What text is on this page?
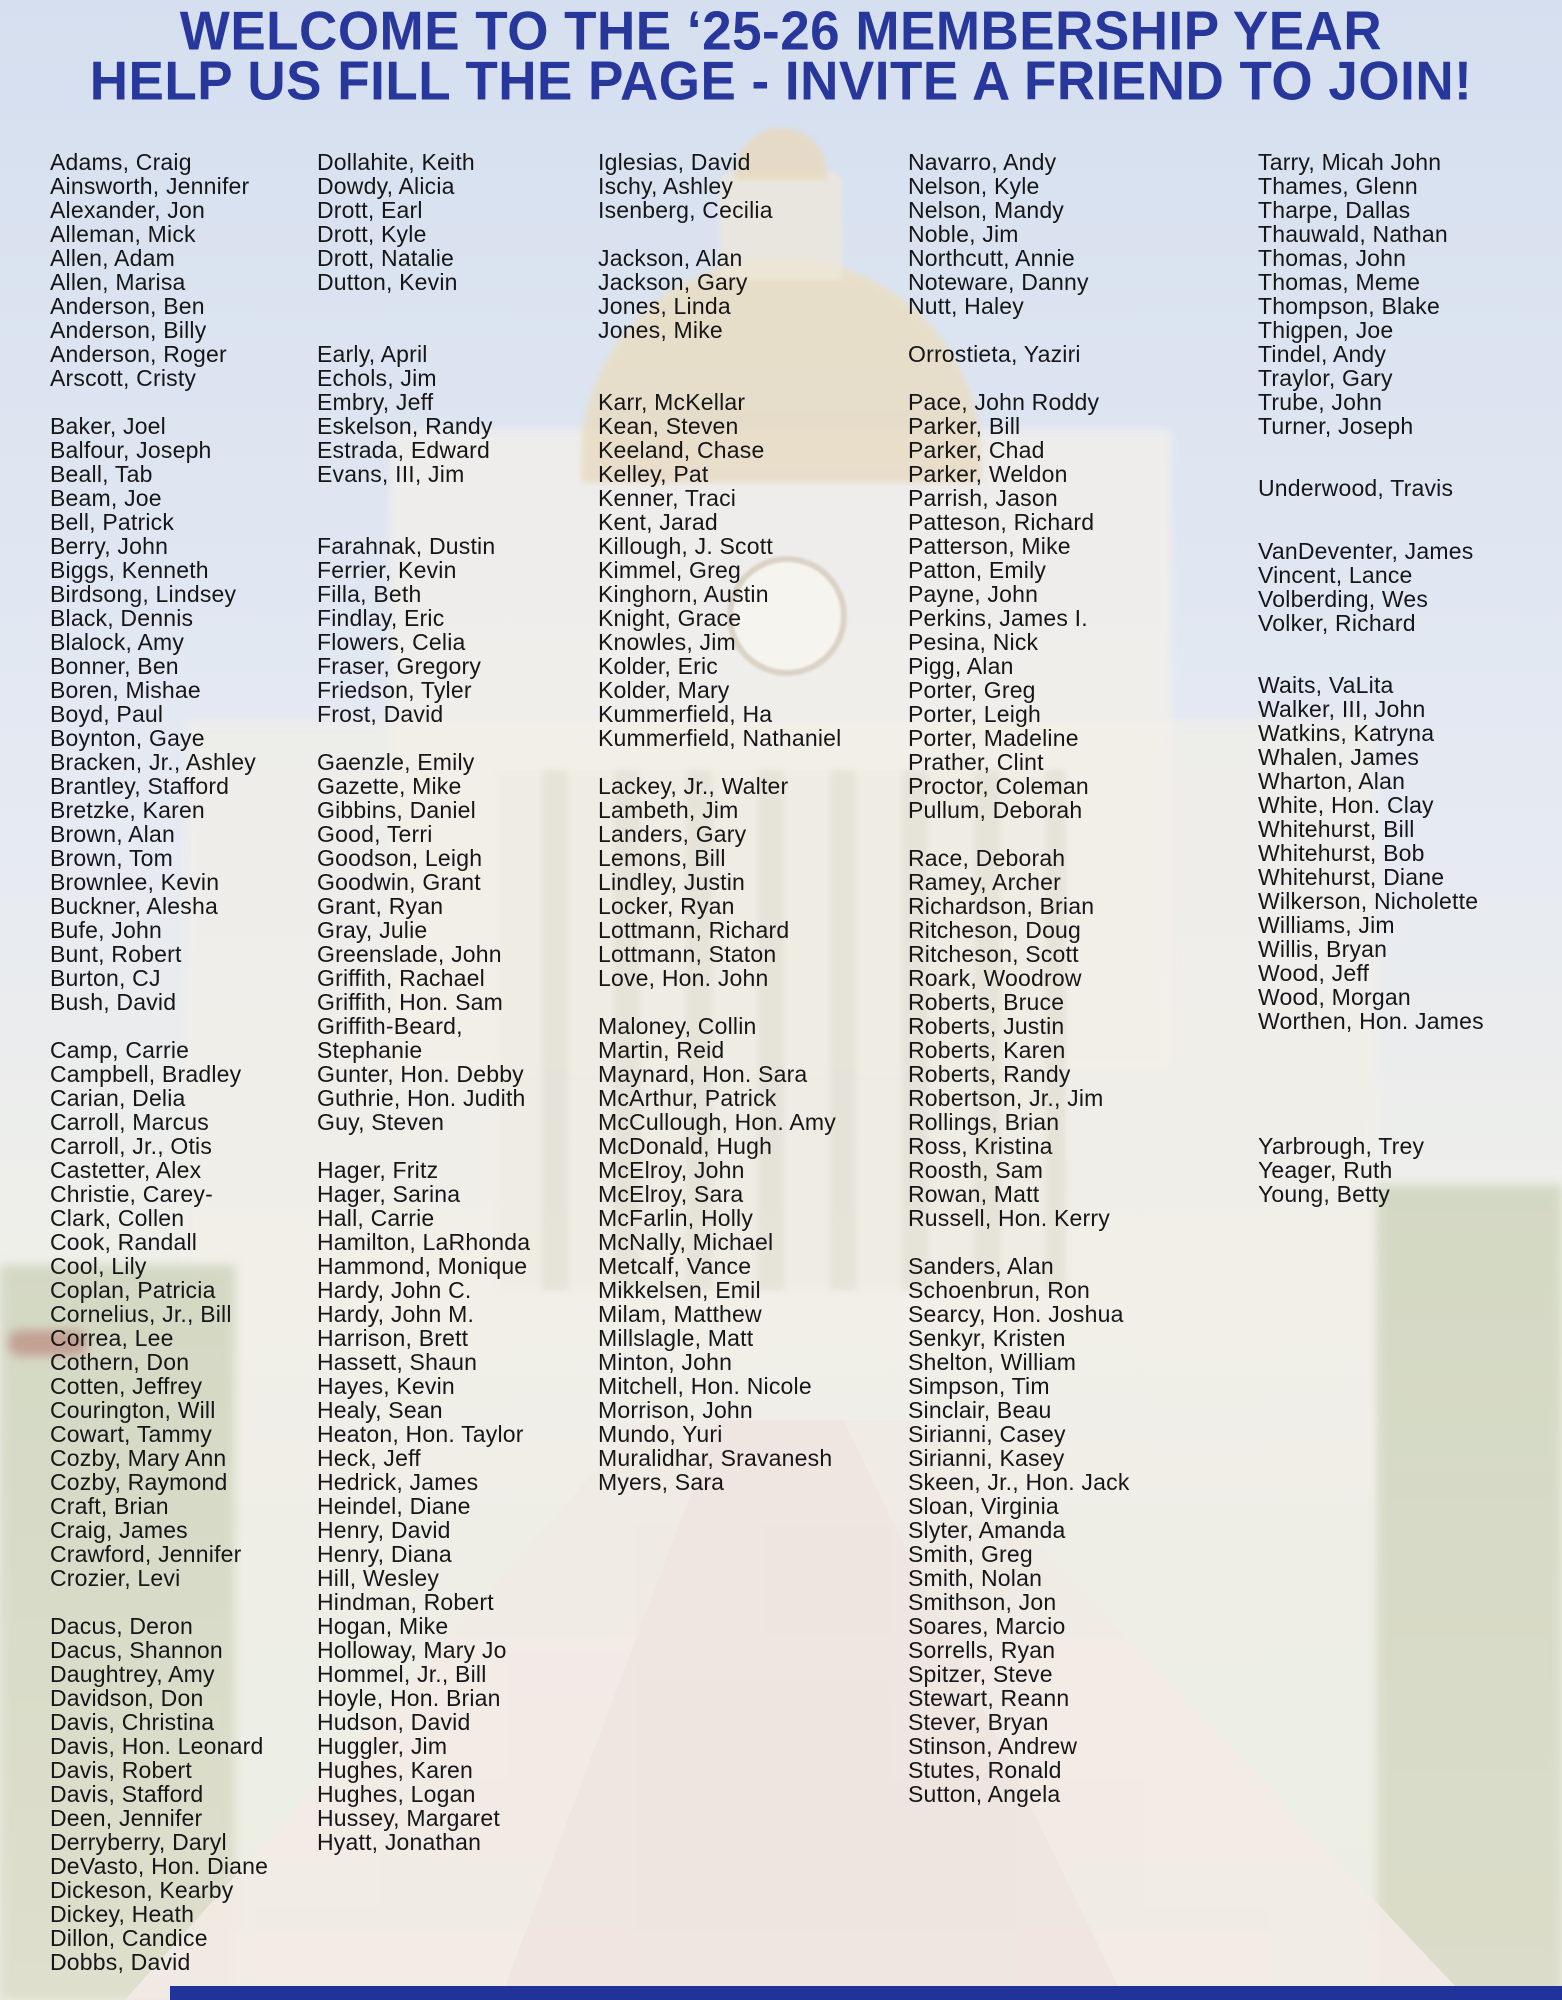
WELCOME TO THE ‘25-26 MEMBERSHIP YEAR
HELP US FILL THE PAGE - INVITE A FRIEND TO JOIN!
Adams, Craig
Ainsworth, Jennifer
Alexander, Jon
Alleman, Mick
Allen, Adam
Allen, Marisa
Anderson, Ben
Anderson, Billy
Anderson, Roger
Arscott, Cristy
Baker, Joel
Balfour, Joseph
Beall, Tab
Beam, Joe
Bell, Patrick
Berry, John
Biggs, Kenneth
Birdsong, Lindsey
Black, Dennis
Blalock, Amy
Bonner, Ben
Boren, Mishae
Boyd, Paul
Boynton, Gaye
Bracken, Jr., Ashley
Brantley, Stafford
Bretzke, Karen
Brown, Alan
Brown, Tom
Brownlee, Kevin
Buckner, Alesha
Bufe, John
Bunt, Robert
Burton, CJ
Bush, David
Camp, Carrie
Campbell, Bradley
Carian, Delia
Carroll, Marcus
Carroll, Jr., Otis
Castetter, Alex
Christie, Carey-
Clark, Collen
Cook, Randall
Cool, Lily
Coplan, Patricia
Cornelius, Jr., Bill
Correa, Lee
Cothern, Don
Cotten, Jeffrey
Courington, Will
Cowart, Tammy
Cozby, Mary Ann
Cozby, Raymond
Craft, Brian
Craig, James
Crawford, Jennifer
Crozier, Levi
Dacus, Deron
Dacus, Shannon
Daughtrey, Amy
Davidson, Don
Davis, Christina
Davis, Hon. Leonard
Davis, Robert
Davis, Stafford
Deen, Jennifer
Derryberry, Daryl
DeVasto, Hon. Diane
Dickeson, Kearby
Dickey, Heath
Dillon, Candice
Dobbs, David
Dollahite, Keith
Dowdy, Alicia
Drott, Earl
Drott, Kyle
Drott, Natalie
Dutton, Kevin
Early, April
Echols, Jim
Embry, Jeff
Eskelson, Randy
Estrada, Edward
Evans, III, Jim
Farahnak, Dustin
Ferrier, Kevin
Filla, Beth
Findlay, Eric
Flowers, Celia
Fraser, Gregory
Friedson, Tyler
Frost, David
Gaenzle, Emily
Gazette, Mike
Gibbins, Daniel
Good, Terri
Goodson, Leigh
Goodwin, Grant
Grant, Ryan
Gray, Julie
Greenslade, John
Griffith, Rachael
Griffith, Hon. Sam
Griffith-Beard,
Stephanie
Gunter, Hon. Debby
Guthrie, Hon. Judith
Guy, Steven
Hager, Fritz
Hager, Sarina
Hall, Carrie
Hamilton, LaRhonda
Hammond, Monique
Hardy, John C.
Hardy, John M.
Harrison, Brett
Hassett, Shaun
Hayes, Kevin
Healy, Sean
Heaton, Hon. Taylor
Heck, Jeff
Hedrick, James
Heindel, Diane
Henry, David
Henry, Diana
Hill, Wesley
Hindman, Robert
Hogan, Mike
Holloway, Mary Jo
Hommel, Jr., Bill
Hoyle, Hon. Brian
Hudson, David
Huggler, Jim
Hughes, Karen
Hughes, Logan
Hussey, Margaret
Hyatt, Jonathan
Iglesias, David
Ischy, Ashley
Isenberg, Cecilia
Jackson, Alan
Jackson, Gary
Jones, Linda
Jones, Mike
Karr, McKellar
Kean, Steven
Keeland, Chase
Kelley, Pat
Kenner, Traci
Kent, Jarad
Killough, J. Scott
Kimmel, Greg
Kinghorn, Austin
Knight, Grace
Knowles, Jim
Kolder, Eric
Kolder, Mary
Kummerfield, Ha
Kummerfield, Nathaniel
Lackey, Jr., Walter
Lambeth, Jim
Landers, Gary
Lemons, Bill
Lindley, Justin
Locker, Ryan
Lottmann, Richard
Lottmann, Staton
Love, Hon. John
Maloney, Collin
Martin, Reid
Maynard, Hon. Sara
McArthur, Patrick
McCullough, Hon. Amy
McDonald, Hugh
McElroy, John
McElroy, Sara
McFarlin, Holly
McNally, Michael
Metcalf, Vance
Mikkelsen, Emil
Milam, Matthew
Millslagle, Matt
Minton, John
Mitchell, Hon. Nicole
Morrison, John
Mundo, Yuri
Muralidhar, Sravanesh
Myers, Sara
Navarro, Andy
Nelson, Kyle
Nelson, Mandy
Noble, Jim
Northcutt, Annie
Noteware, Danny
Nutt, Haley
Orrostieta, Yaziri
Pace, John Roddy
Parker, Bill
Parker, Chad
Parker, Weldon
Parrish, Jason
Patteson, Richard
Patterson, Mike
Patton, Emily
Payne, John
Perkins, James I.
Pesina, Nick
Pigg, Alan
Porter, Greg
Porter, Leigh
Porter, Madeline
Prather, Clint
Proctor, Coleman
Pullum, Deborah
Race, Deborah
Ramey, Archer
Richardson, Brian
Ritcheson, Doug
Ritcheson, Scott
Roark, Woodrow
Roberts, Bruce
Roberts, Justin
Roberts, Karen
Roberts, Randy
Robertson, Jr., Jim
Rollings, Brian
Ross, Kristina
Roosth, Sam
Rowan, Matt
Russell, Hon. Kerry
Sanders, Alan
Schoenbrun, Ron
Searcy, Hon. Joshua
Senkyr, Kristen
Shelton, William
Simpson, Tim
Sinclair, Beau
Sirianni, Casey
Sirianni, Kasey
Skeen, Jr., Hon. Jack
Sloan, Virginia
Slyter, Amanda
Smith, Greg
Smith, Nolan
Smithson, Jon
Soares, Marcio
Sorrells, Ryan
Spitzer, Steve
Stewart, Reann
Stever, Bryan
Stinson, Andrew
Stutes, Ronald
Sutton, Angela
Tarry, Micah John
Thames, Glenn
Tharpe, Dallas
Thauwald, Nathan
Thomas, John
Thomas, Meme
Thompson, Blake
Thigpen, Joe
Tindel, Andy
Traylor, Gary
Trube, John
Turner, Joseph
Underwood, Travis
VanDeventer, James
Vincent, Lance
Volberding, Wes
Volker, Richard
Waits, VaLita
Walker, III, John
Watkins, Katryna
Whalen, James
Wharton, Alan
White, Hon. Clay
Whitehurst, Bill
Whitehurst, Bob
Whitehurst, Diane
Wilkerson, Nicholette
Williams, Jim
Willis, Bryan
Wood, Jeff
Wood, Morgan
Worthen, Hon. James
Yarbrough, Trey
Yeager, Ruth
Young, Betty
